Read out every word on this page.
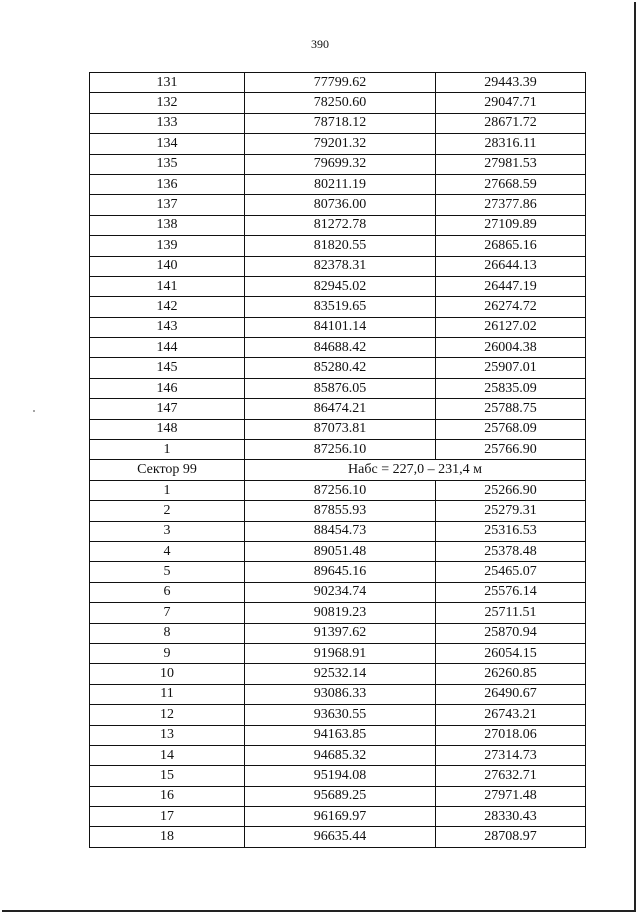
390
131	77799.62	29443.39
132	78250.60	29047.71
133	78718.12	28671.72
134	79201.32	28316.11
135	79699.32	27981.53
136	80211.19	27668.59
137	80736.00	27377.86
138	81272.78	27109.89
139	81820.55	26865.16
140	82378.31	26644.13
141	82945.02	26447.19
142	83519.65	26274.72
143	84101.14	26127.02
144	84688.42	26004.38
145	85280.42	25907.01
146	85876.05	25835.09
147	86474.21	25788.75
148	87073.81	25768.09
1	87256.10	25766.90
Сектор 99	Набс = 227,0 – 231,4 м	
1	87256.10	25266.90
2	87855.93	25279.31
3	88454.73	25316.53
4	89051.48	25378.48
5	89645.16	25465.07
6	90234.74	25576.14
7	90819.23	25711.51
8	91397.62	25870.94
9	91968.91	26054.15
10	92532.14	26260.85
11	93086.33	26490.67
12	93630.55	26743.21
13	94163.85	27018.06
14	94685.32	27314.73
15	95194.08	27632.71
16	95689.25	27971.48
17	96169.97	28330.43
18	96635.44	28708.97
